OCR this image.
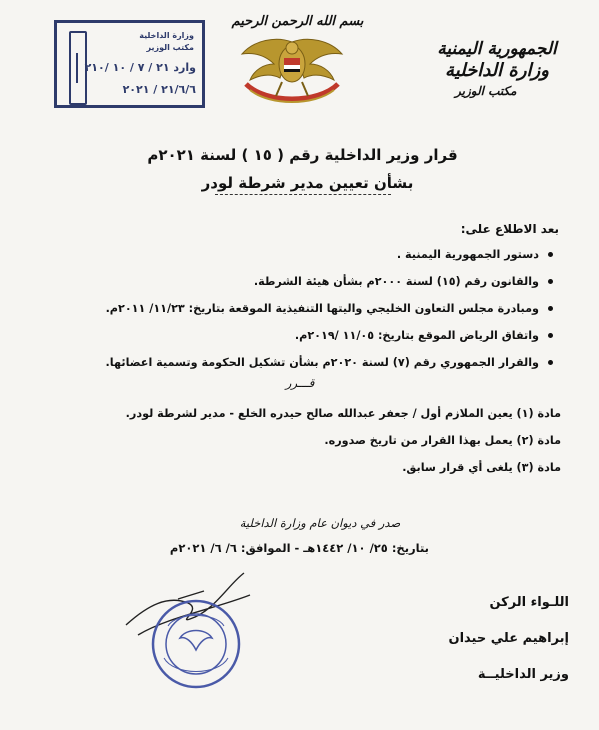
وزارة الداخلية
مكتب الوزير
وارد ٢١ / ٧ / ١٠ /٢١٠
٢١/٦/٦ / ٢٠٢١
بسم الله الرحمن الرحيم
الجمهورية اليمنية
وزارة الداخلية
مكتب الوزير
قرار وزير الداخلية رقم ( ١٥ ) لسنة ٢٠٢١م
بشأن تعيين مدير شرطة لودر
بعد الاطلاع على:
دستور الجمهورية اليمنية .
والقانون رقم (١٥) لسنة ٢٠٠٠م بشأن هيئة الشرطة.
ومبادرة مجلس التعاون الخليجي واليتها التنفيذية الموقعة بتاريخ: ١١/٢٣/ ٢٠١١م.
واتفاق الرياض الموقع بتاريخ: ١١/٠٥ /٢٠١٩م.
والقرار الجمهوري رقم (٧) لسنة ٢٠٢٠م بشأن تشكيل الحكومة وتسمية اعضائها.
قـــرر
مادة (١) يعين الملازم أول / جعفر عبدالله صالح حيدره الخلع - مدير لشرطة لودر.
مادة (٢) يعمل بهذا القرار من تاريخ صدوره.
مادة (٣) يلغى أي قرار سابق.
صدر في ديوان عام وزارة الداخلية
بتاريخ: ٢٥/ ١٠/ ١٤٤٢هـ - الموافق: ٦/ ٦/ ٢٠٢١م
اللـواء الركن
إبراهيم علي حيدان
وزير الداخليــة
